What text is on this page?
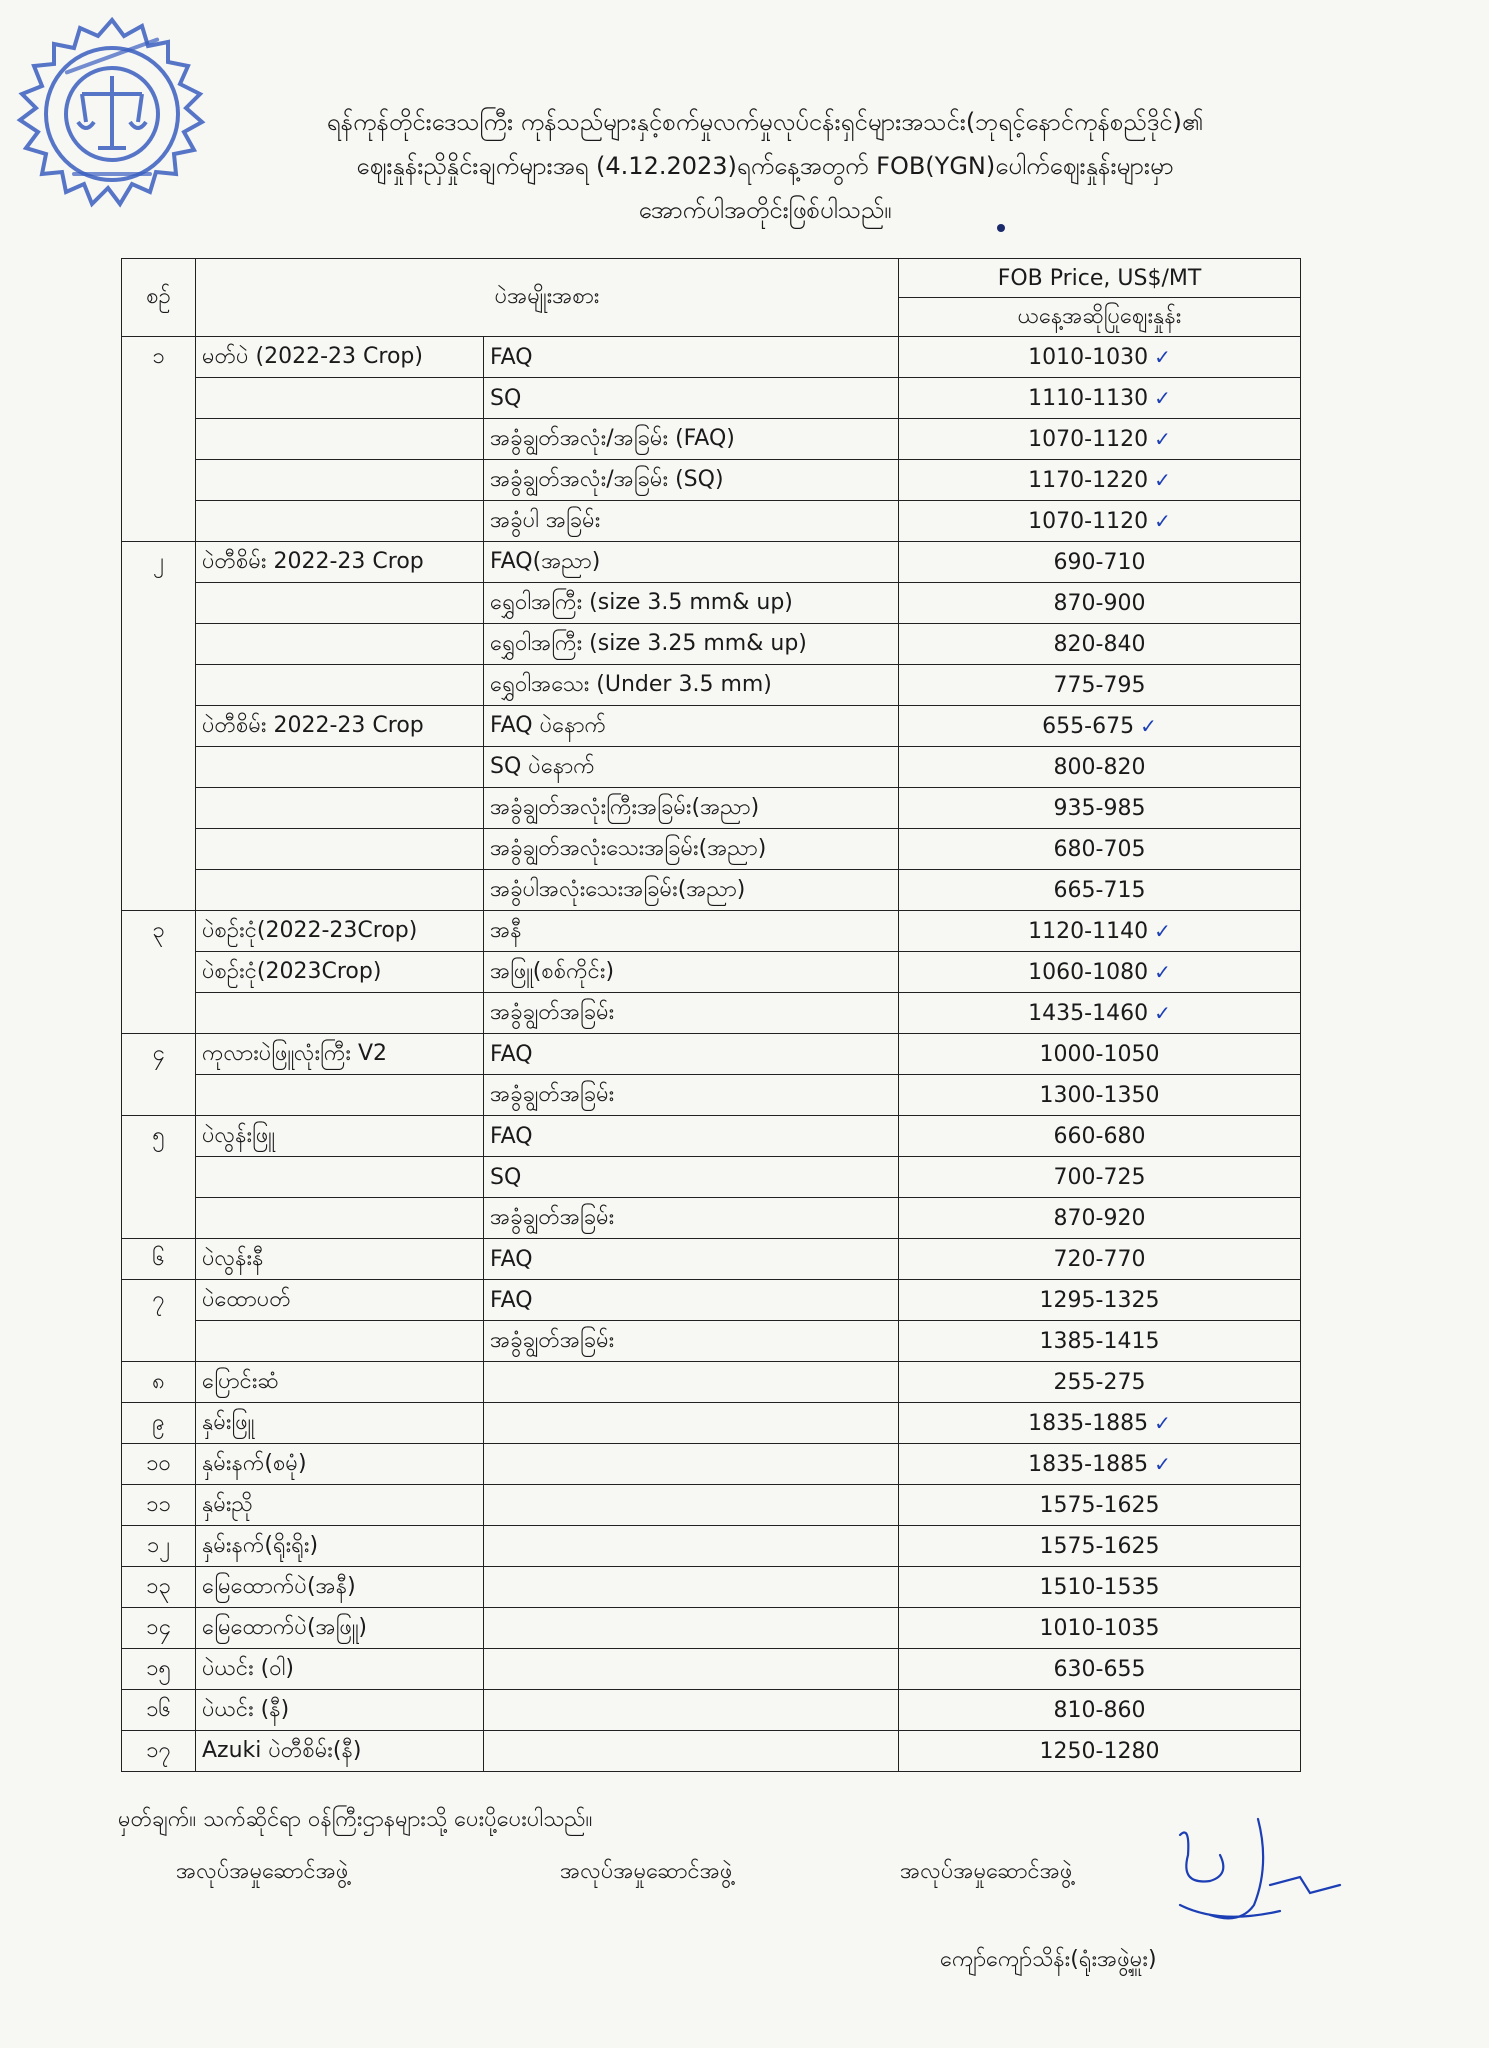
ရန်ကုန်တိုင်းဒေသကြီး ကုန်သည်များနှင့်စက်မှုလက်မှုလုပ်ငန်းရှင်များအသင်း(ဘုရင့်နောင်ကုန်စည်ဒိုင်)၏
ဈေးနှုန်းညှိနှိုင်းချက်များအရ (4.12.2023)ရက်နေ့အတွက် FOB(YGN)ပေါက်ဈေးနှုန်းများမှာ
အောက်ပါအတိုင်းဖြစ်ပါသည်။
စဉ်	ပဲအမျိုးအစား		FOB Price, US$/MT
			ယနေ့အဆိုပြုဈေးနှုန်း
၁	မတ်ပဲ (2022-23 Crop)	FAQ	1010-1030 ✓
		SQ	1110-1130 ✓
		အခွံချွတ်အလုံး/အခြမ်း (FAQ)	1070-1120 ✓
		အခွံချွတ်အလုံး/အခြမ်း (SQ)	1170-1220 ✓
		အခွံပါ အခြမ်း	1070-1120 ✓
၂	ပဲတီစိမ်း 2022-23 Crop	FAQ(အညာ)	690-710
		ရွှေဝါအကြီး (size 3.5 mm& up)	870-900
		ရွှေဝါအကြီး (size 3.25 mm& up)	820-840
		ရွှေဝါအသေး (Under 3.5 mm)	775-795
	ပဲတီစိမ်း 2022-23 Crop	FAQ ပဲနောက်	655-675 ✓
		SQ ပဲနောက်	800-820
		အခွံချွတ်အလုံးကြီးအခြမ်း(အညာ)	935-985
		အခွံချွတ်အလုံးသေးအခြမ်း(အညာ)	680-705
		အခွံပါအလုံးသေးအခြမ်း(အညာ)	665-715
၃	ပဲစဉ်းငုံ(2022-23Crop)	အနီ	1120-1140 ✓
	ပဲစဉ်းငုံ(2023Crop)	အဖြူ(စစ်ကိုင်း)	1060-1080 ✓
		အခွံချွတ်အခြမ်း	1435-1460 ✓
၄	ကုလားပဲဖြူလုံးကြီး V2	FAQ	1000-1050
		အခွံချွတ်အခြမ်း	1300-1350
၅	ပဲလွန်းဖြူ	FAQ	660-680
		SQ	700-725
		အခွံချွတ်အခြမ်း	870-920
၆	ပဲလွန်းနီ	FAQ	720-770
၇	ပဲထောပတ်	FAQ	1295-1325
		အခွံချွတ်အခြမ်း	1385-1415
၈	ပြောင်းဆံ		255-275
၉	နှမ်းဖြူ		1835-1885 ✓
၁၀	နှမ်းနက်(စမုံ)		1835-1885 ✓
၁၁	နှမ်းညို		1575-1625
၁၂	နှမ်းနက်(ရိုးရိုး)		1575-1625
၁၃	မြေထောက်ပဲ(အနီ)		1510-1535
၁၄	မြေထောက်ပဲ(အဖြူ)		1010-1035
၁၅	ပဲယင်း (ဝါ)		630-655
၁၆	ပဲယင်း (နီ)		810-860
၁၇	Azuki ပဲတီစိမ်း(နီ)		1250-1280
မှတ်ချက်။ သက်ဆိုင်ရာ ဝန်ကြီးဌာနများသို့ ပေးပို့ပေးပါသည်။
အလုပ်အမှုဆောင်အဖွဲ့	အလုပ်အမှုဆောင်အဖွဲ့	အလုပ်အမှုဆောင်အဖွဲ့
ကျော်ကျော်သိန်း(ရုံးအဖွဲ့မှူး)
